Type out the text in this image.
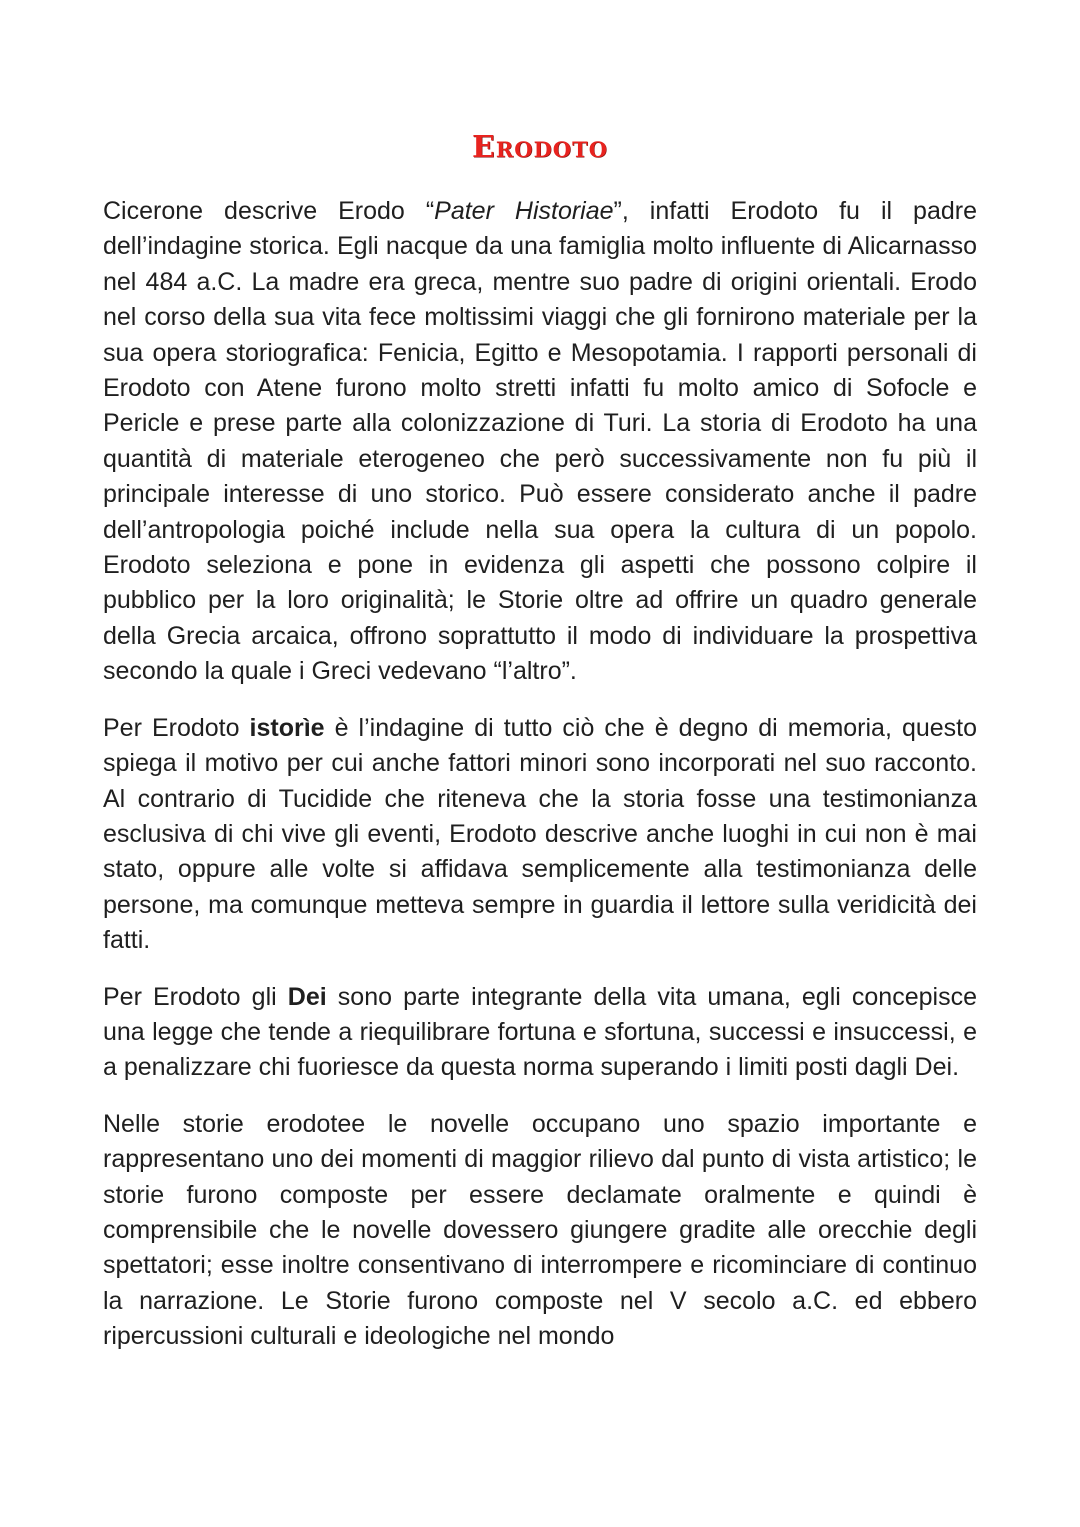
Erodoto

Cicerone descrive Erodo “Pater Historiae”, infatti Erodoto fu il padre dell’indagine storica. Egli nacque da una famiglia molto influente di Alicarnasso nel 484 a.C. La madre era greca, mentre suo padre di origini orientali. Erodo nel corso della sua vita fece moltissimi viaggi che gli fornirono materiale per la sua opera storiografica: Fenicia, Egitto e Mesopotamia. I rapporti personali di Erodoto con Atene furono molto stretti infatti fu molto amico di Sofocle e Pericle e prese parte alla colonizzazione di Turi. La storia di Erodoto ha una quantità di materiale eterogeneo che però successivamente non fu più il principale interesse di uno storico. Può essere considerato anche il padre dell’antropologia poiché include nella sua opera la cultura di un popolo. Erodoto seleziona e pone in evidenza gli aspetti che possono colpire il pubblico per la loro originalità; le Storie oltre ad offrire un quadro generale della Grecia arcaica, offrono soprattutto il modo di individuare la prospettiva secondo la quale i Greci vedevano “l’altro”.

Per Erodoto istorìe è l’indagine di tutto ciò che è degno di memoria, questo spiega il motivo per cui anche fattori minori sono incorporati nel suo racconto. Al contrario di Tucidide che riteneva che la storia fosse una testimonianza esclusiva di chi vive gli eventi, Erodoto descrive anche luoghi in cui non è mai stato, oppure alle volte si affidava semplicemente alla testimonianza delle persone, ma comunque metteva sempre in guardia il lettore sulla veridicità dei fatti.

Per Erodoto gli Dei sono parte integrante della vita umana, egli concepisce una legge che tende a riequilibrare fortuna e sfortuna, successi e insuccessi, e a penalizzare chi fuoriesce da questa norma superando i limiti posti dagli Dei.

Nelle storie erodotee le novelle occupano uno spazio importante e rappresentano uno dei momenti di maggior rilievo dal punto di vista artistico; le storie furono composte per essere declamate oralmente e quindi è comprensibile che le novelle dovessero giungere gradite alle orecchie degli spettatori; esse inoltre consentivano di interrompere e ricominciare di continuo la narrazione. Le Storie furono composte nel V secolo a.C. ed ebbero ripercussioni culturali e ideologiche nel mondo
